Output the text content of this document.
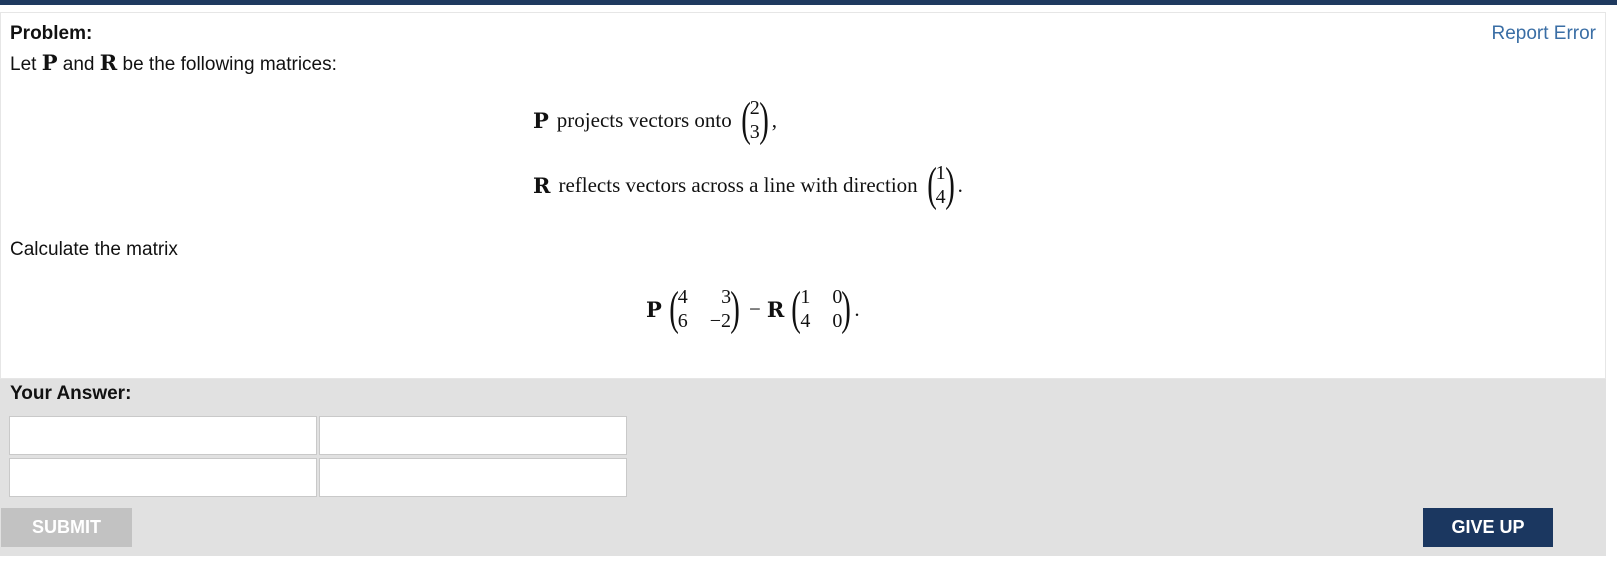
Problem:	Report Error
Let P and R be the following matrices:
P projects vectors onto ( 2
3 ) ,
R reflects vectors across a line with direction ( 1
4 ) .
Calculate the matrix
P ( 4	3
6 −2 ) − R ( 1 0
4 0 ) .
Your Answer:
SUBMIT	GIVE UP
